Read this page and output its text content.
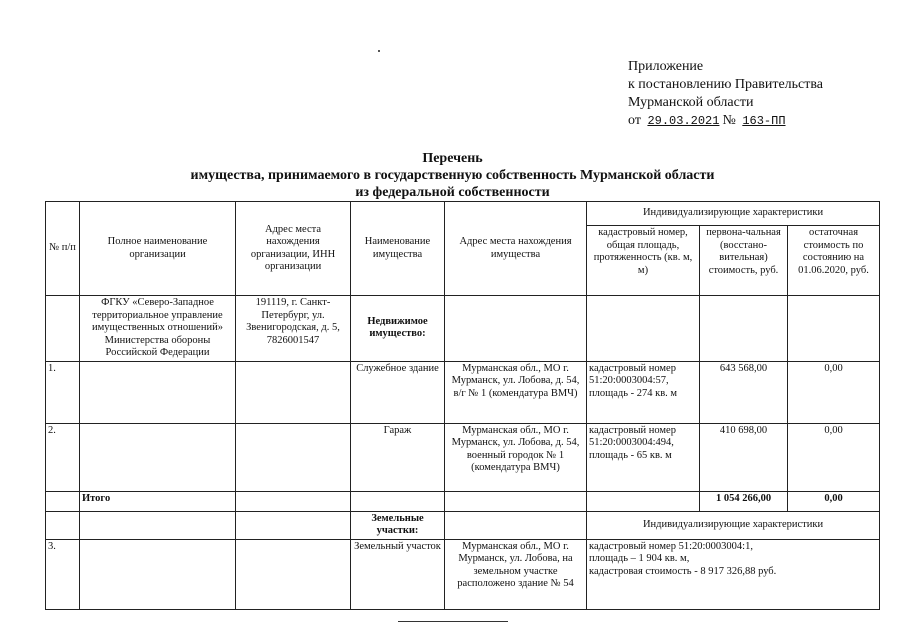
Приложение
к постановлению Правительства
Мурманской области
от 29.03.2021 № 163-ПП
Перечень
имущества, принимаемого в государственную собственность Мурманской области
из федеральной собственности
№ п/п	Полное наименование организации	Адрес места нахождения организации, ИНН организации	Наименование имущества	Адрес места нахождения имущества	Индивидуализирующие характеристики		
					кадастровый номер, общая площадь, протяженность (кв. м, м)	первона-чальная (восстано-вительная) стоимость, руб.	остаточная стоимость по состоянию на 01.06.2020, руб.
	ФГКУ «Северо-Западное территориальное управление имущественных отношений» Министерства обороны Российской Федерации	191119, г. Санкт-Петербург, ул. Звенигородская, д. 5, 7826001547	Недвижимое имущество:				
1.			Служебное здание	Мурманская обл., МО г. Мурманск, ул. Лобова, д. 54, в/г № 1 (комендатура ВМЧ)	кадастровый номер 51:20:0003004:57, площадь - 274 кв. м	643 568,00	0,00
2.			Гараж	Мурманская обл., МО г. Мурманск, ул. Лобова, д. 54, военный городок № 1 (комендатура ВМЧ)	кадастровый номер 51:20:0003004:494, площадь - 65 кв. м	410 698,00	0,00
	Итого					1 054 266,00	0,00
			Земельные участки:		Индивидуализирующие характеристики		
3.			Земельный участок	Мурманская обл., МО г. Мурманск, ул. Лобова, на земельном участке расположено здание № 54	кадастровый номер 51:20:0003004:1,
площадь – 1 904 кв. м,
кадастровая стоимость - 8 917 326,88 руб.		
